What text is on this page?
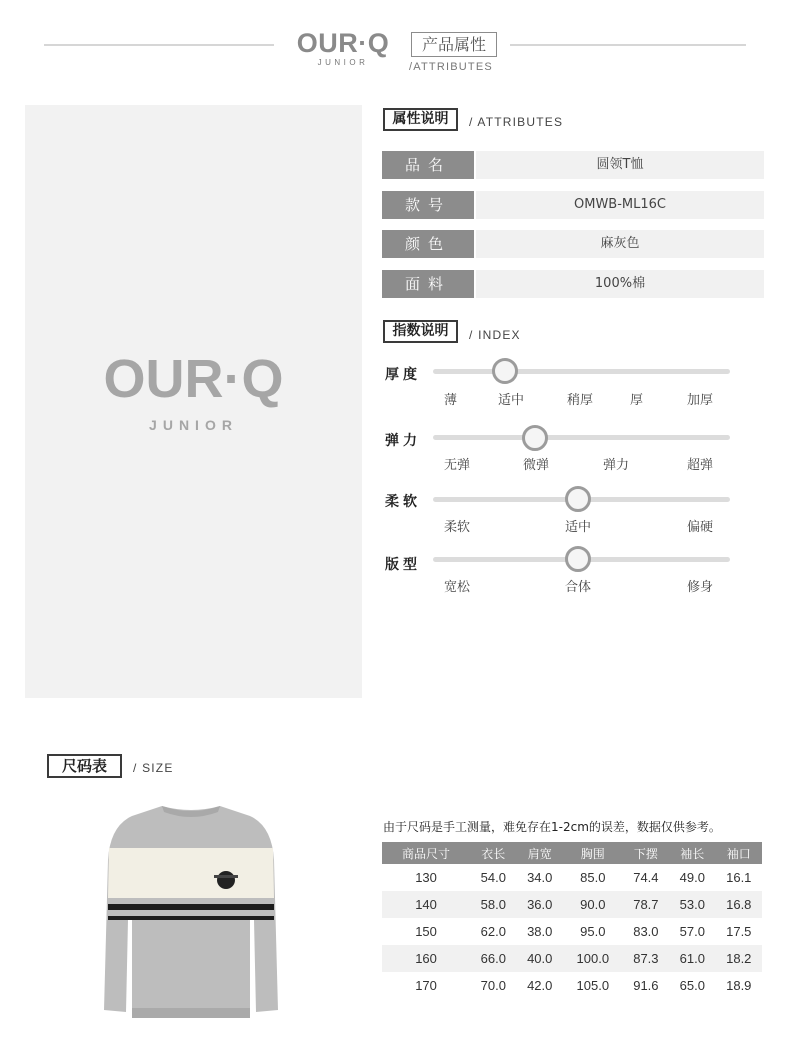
OUR·Q
JUNIOR
产品属性
/ATTRIBUTES
OUR·Q
JUNIOR
属性说明	/ ATTRIBUTES
品名	圆领T恤
款号	OMWB-ML16C
颜色	麻灰色
面料	100%棉
指数说明	/ INDEX
厚度
薄	适中	稍厚	厚	加厚
弹力
无弹	微弹	弹力	超弹
柔软
柔软	适中	偏硬
版型
宽松	合体	修身
尺码表	/ SIZE
由于尺码是手工测量，难免存在1-2cm的误差，数据仅供参考。
商品尺寸	衣长	肩宽	胸围	下摆	袖长	袖口
130	54.0	34.0	85.0	74.4	49.0	16.1
140	58.0	36.0	90.0	78.7	53.0	16.8
150	62.0	38.0	95.0	83.0	57.0	17.5
160	66.0	40.0	100.0	87.3	61.0	18.2
170	70.0	42.0	105.0	91.6	65.0	18.9
